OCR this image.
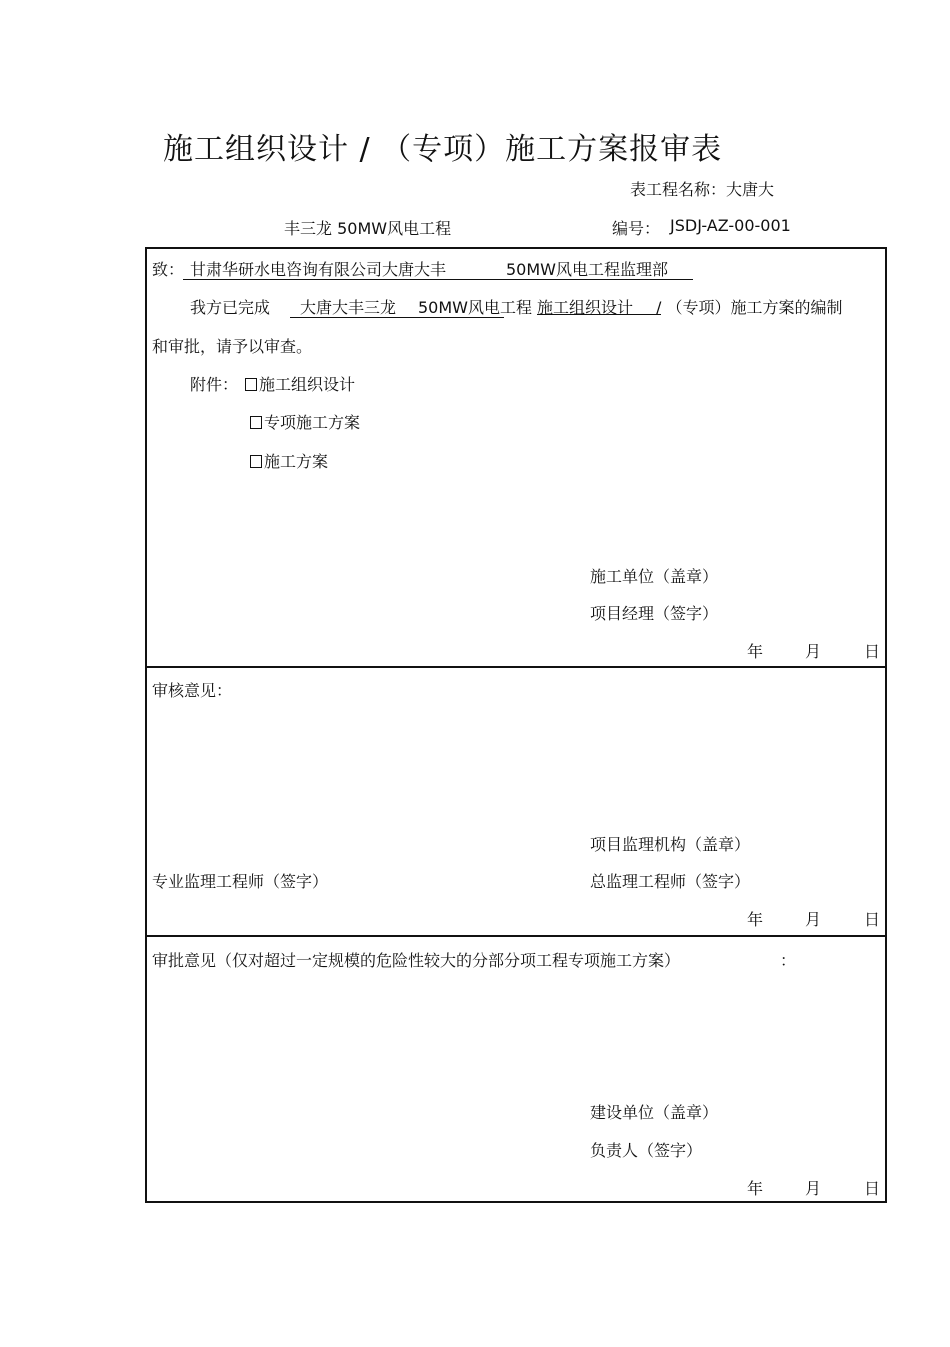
施工组织设计 / （专项）施工方案报审表
表工程名称：大唐大
丰三龙 50MW风电工程	编号： JSDJ-AZ-00-001
致： 甘肃华研水电咨询有限公司大唐大丰	50MW风电工程监理部
我方已完成 大唐大丰三龙 50MW风电工程 施工组织设计 / （专项）施工方案的编制
和审批，请予以审查。
附件：	施工组织设计
专项施工方案
施工方案
施工单位（盖章）
项目经理（签字）
年	月	日
审核意见：
项目监理机构（盖章）
专业监理工程师（签字）	总监理工程师（签字）
年	月	日
审批意见（仅对超过一定规模的危险性较大的分部分项工程专项施工方案）	：
建设单位（盖章）
负责人（签字）
年	月	日
